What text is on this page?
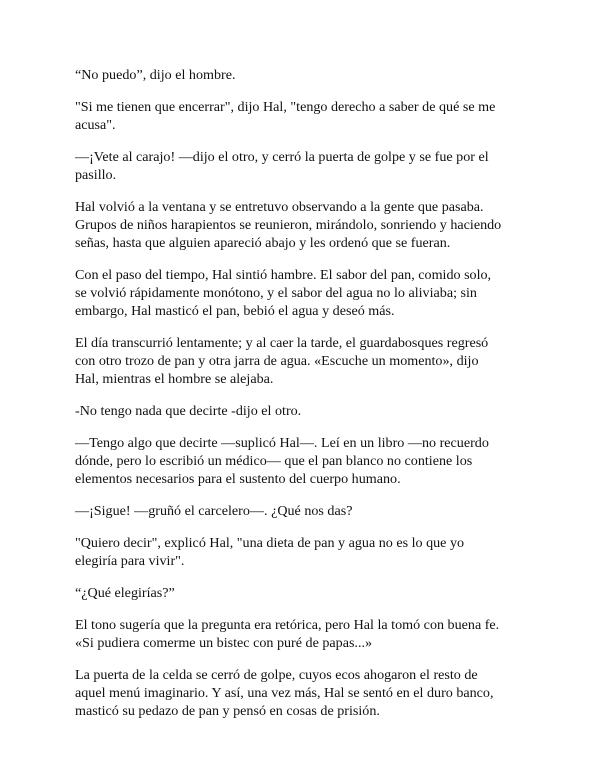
“No puedo”, dijo el hombre.

"Si me tienen que encerrar", dijo Hal, "tengo derecho a saber de qué se me
acusa".

—¡Vete al carajo! —dijo el otro, y cerró la puerta de golpe y se fue por el
pasillo.

Hal volvió a la ventana y se entretuvo observando a la gente que pasaba.
Grupos de niños harapientos se reunieron, mirándolo, sonriendo y haciendo
señas, hasta que alguien apareció abajo y les ordenó que se fueran.

Con el paso del tiempo, Hal sintió hambre. El sabor del pan, comido solo,
se volvió rápidamente monótono, y el sabor del agua no lo aliviaba; sin
embargo, Hal masticó el pan, bebió el agua y deseó más.

El día transcurrió lentamente; y al caer la tarde, el guardabosques regresó
con otro trozo de pan y otra jarra de agua. «Escuche un momento», dijo
Hal, mientras el hombre se alejaba.

-No tengo nada que decirte -dijo el otro.

—Tengo algo que decirte —suplicó Hal—. Leí en un libro —no recuerdo
dónde, pero lo escribió un médico— que el pan blanco no contiene los
elementos necesarios para el sustento del cuerpo humano.

—¡Sigue! —gruñó el carcelero—. ¿Qué nos das?

"Quiero decir", explicó Hal, "una dieta de pan y agua no es lo que yo
elegiría para vivir".

“¿Qué elegirías?”

El tono sugería que la pregunta era retórica, pero Hal la tomó con buena fe.
«Si pudiera comerme un bistec con puré de papas...»

La puerta de la celda se cerró de golpe, cuyos ecos ahogaron el resto de
aquel menú imaginario. Y así, una vez más, Hal se sentó en el duro banco,
masticó su pedazo de pan y pensó en cosas de prisión.
